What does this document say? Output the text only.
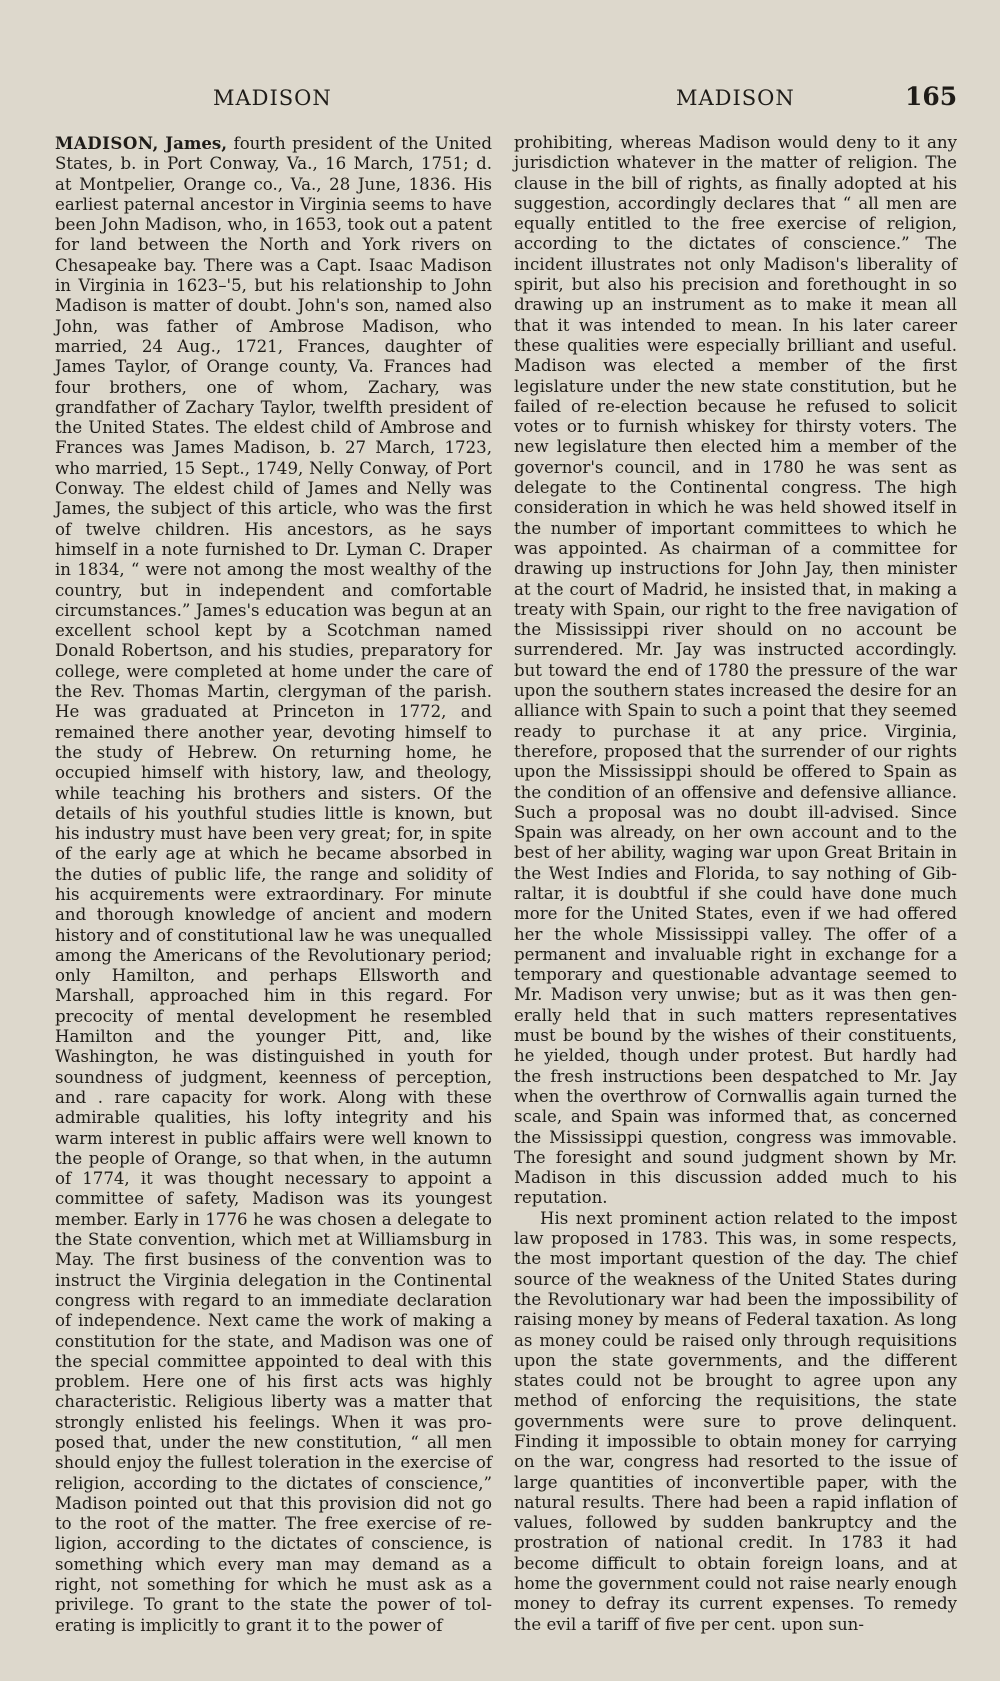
MADISON	MADISON	165

MADISON, James, fourth president of the United States, b. in Port Conway, Va., 16 March, 1751; d. at Montpelier, Orange co., Va., 28 June, 1836. His earliest paternal ancestor in Virginia seems to have been John Madison, who, in 1653, took out a patent for land between the North and York rivers on Chesapeake bay. There was a Capt. Isaac Madison in Virginia in 1623–'5, but his relationship to John Madison is matter of doubt. John's son, named also John, was father of Ambrose Madison, who married, 24 Aug., 1721, Frances, daughter of James Taylor, of Orange county, Va. Frances had four brothers, one of whom, Zachary, was grandfather of Zachary Taylor, twelfth president of the United States. The eldest child of Ambrose and Frances was James Madison, b. 27 March, 1723, who married, 15 Sept., 1749, Nelly Conway, of Port Conway. The eldest child of James and Nelly was James, the subject of this article, who was the first of twelve children. His ancestors, as he says himself in a note furnished to Dr. Lyman C. Draper in 1834, “ were not among the most wealthy of the country, but in independent and comfortable circumstances.” James's education was begun at an excellent school kept by a Scotchman named Donald Robertson, and his studies, preparatory for college, were completed at home under the care of the Rev. Thomas Martin, clergyman of the parish. He was graduated at Princeton in 1772, and remained there another year, devoting himself to the study of Hebrew. On returning home, he occupied himself with history, law, and theology, while teaching his brothers and sisters. Of the details of his youthful studies little is known, but his industry must have been very great; for, in spite of the early age at which he became absorbed in the duties of public life, the range and solidity of his acquirements were extraordinary. For minute and thorough knowledge of ancient and modern history and of constitutional law he was unequalled among the Americans of the Revolutionary period; only Hamilton, and perhaps Ellsworth and Marshall, approached him in this regard. For precocity of mental development he resembled Hamilton and the younger Pitt, and, like Washington, he was distinguished in youth for soundness of judgment, keenness of perception, and . rare capacity for work. Along with these admirable qualities, his lofty integrity and his warm interest in public affairs were well known to the people of Orange, so that when, in the autumn of 1774, it was thought necessary to appoint a committee of safety, Madison was its youngest member. Early in 1776 he was chosen a delegate to the State convention, which met at Williamsburg in May. The first business of the convention was to instruct the Virginia delegation in the Continental congress with regard to an immediate declaration of independence. Next came the work of making a constitution for the state, and Madison was one of the special committee appointed to deal with this problem. Here one of his first acts was highly characteristic. Religious liberty was a matter that strongly enlisted his feelings. When it was proposed that, under the new constitution, “ all men should enjoy the fullest toleration in the exercise of religion, according to the dictates of conscience,” Madison pointed out that this provision did not go to the root of the matter. The free exercise of religion, according to the dictates of conscience, is something which every man may demand as a right, not something for which he must ask as a privilege. To grant to the state the power of tolerating is implicitly to grant it to the power of

prohibiting, whereas Madison would deny to it any jurisdiction whatever in the matter of religion. The clause in the bill of rights, as finally adopted at his suggestion, accordingly declares that “ all men are equally entitled to the free exercise of religion, according to the dictates of conscience.” The incident illustrates not only Madison's liberality of spirit, but also his precision and forethought in so drawing up an instrument as to make it mean all that it was intended to mean. In his later career these qualities were especially brilliant and useful. Madison was elected a member of the first legislature under the new state constitution, but he failed of re-election because he refused to solicit votes or to furnish whiskey for thirsty voters. The new legislature then elected him a member of the governor's council, and in 1780 he was sent as delegate to the Continental congress. The high consideration in which he was held showed itself in the number of important committees to which he was appointed. As chairman of a committee for drawing up instructions for John Jay, then minister at the court of Madrid, he insisted that, in making a treaty with Spain, our right to the free navigation of the Mississippi river should on no account be surrendered. Mr. Jay was instructed accordingly. but toward the end of 1780 the pressure of the war upon the southern states increased the desire for an alliance with Spain to such a point that they seemed ready to purchase it at any price. Virginia, therefore, proposed that the surrender of our rights upon the Mississippi should be offered to Spain as the condition of an offensive and defensive alliance. Such a proposal was no doubt ill-advised. Since Spain was already, on her own account and to the best of her ability, waging war upon Great Britain in the West Indies and Florida, to say nothing of Gibraltar, it is doubtful if she could have done much more for the United States, even if we had offered her the whole Mississippi valley. The offer of a permanent and invaluable right in exchange for a temporary and questionable advantage seemed to Mr. Madison very unwise; but as it was then generally held that in such matters representatives must be bound by the wishes of their constituents, he yielded, though under protest. But hardly had the fresh instructions been despatched to Mr. Jay when the overthrow of Cornwallis again turned the scale, and Spain was informed that, as concerned the Mississippi question, congress was immovable. The foresight and sound judgment shown by Mr. Madison in this discussion added much to his reputation.

His next prominent action related to the impost law proposed in 1783. This was, in some respects, the most important question of the day. The chief source of the weakness of the United States during the Revolutionary war had been the impossibility of raising money by means of Federal taxation. As long as money could be raised only through requisitions upon the state governments, and the different states could not be brought to agree upon any method of enforcing the requisitions, the state governments were sure to prove delinquent. Finding it impossible to obtain money for carrying on the war, congress had resorted to the issue of large quantities of inconvertible paper, with the natural results. There had been a rapid inflation of values, followed by sudden bankruptcy and the prostration of national credit. In 1783 it had become difficult to obtain foreign loans, and at home the government could not raise nearly enough money to defray its current expenses. To remedy the evil a tariff of five per cent. upon sun-
